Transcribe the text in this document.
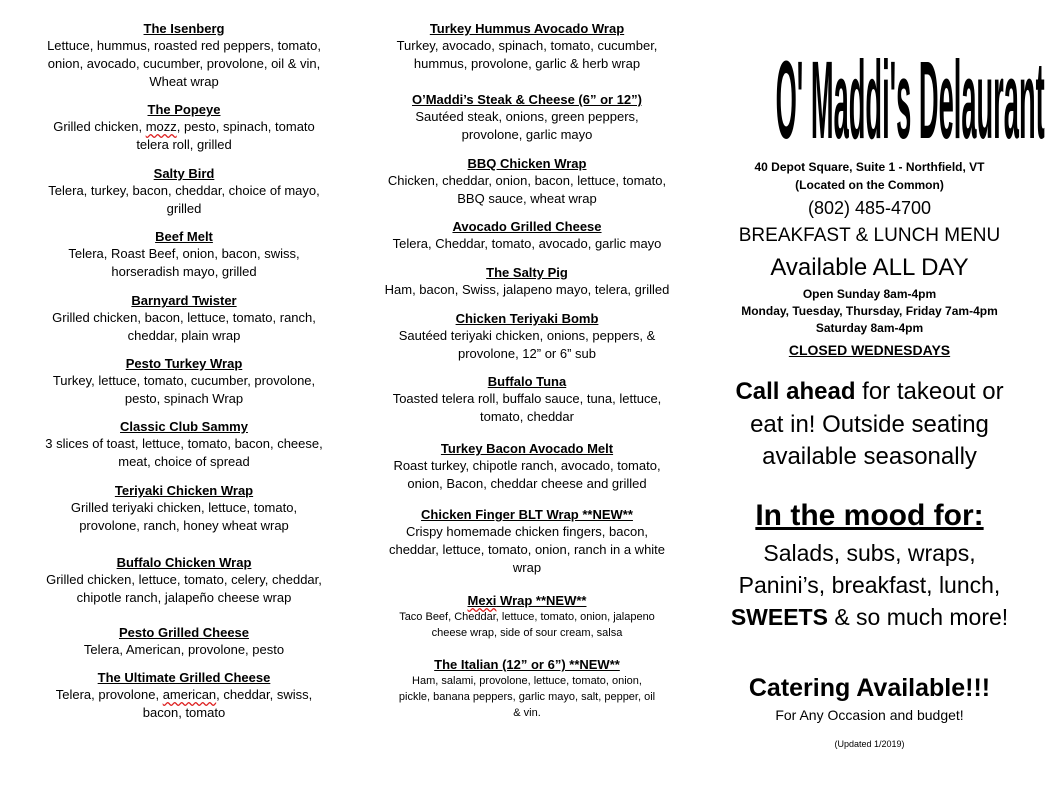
The Isenberg
Lettuce, hummus, roasted red peppers, tomato,
onion, avocado, cucumber, provolone, oil & vin,
Wheat wrap
The Popeye
Grilled chicken, mozz, pesto, spinach, tomato
telera roll, grilled
Salty Bird
Telera, turkey, bacon, cheddar, choice of mayo,
grilled
Beef Melt
Telera, Roast Beef, onion, bacon, swiss,
horseradish mayo, grilled
Barnyard Twister
Grilled chicken, bacon, lettuce, tomato, ranch,
cheddar, plain wrap
Pesto Turkey Wrap
Turkey, lettuce, tomato, cucumber, provolone,
pesto, spinach Wrap
Classic Club Sammy
3 slices of toast, lettuce, tomato, bacon, cheese,
meat, choice of spread
Teriyaki Chicken Wrap
Grilled teriyaki chicken, lettuce, tomato,
provolone, ranch, honey wheat wrap
Buffalo Chicken Wrap
Grilled chicken, lettuce, tomato, celery, cheddar,
chipotle ranch, jalapeño cheese wrap
Pesto Grilled Cheese
Telera, American, provolone, pesto
The Ultimate Grilled Cheese
Telera, provolone, american, cheddar, swiss,
bacon, tomato
Turkey Hummus Avocado Wrap
Turkey, avocado, spinach, tomato, cucumber,
hummus, provolone, garlic & herb wrap
O’Maddi’s Steak & Cheese (6” or 12”)
Sautéed steak, onions, green peppers,
provolone, garlic mayo
BBQ Chicken Wrap
Chicken, cheddar, onion, bacon, lettuce, tomato,
BBQ sauce, wheat wrap
Avocado Grilled Cheese
Telera, Cheddar, tomato, avocado, garlic mayo
The Salty Pig
Ham, bacon, Swiss, jalapeno mayo, telera, grilled
Chicken Teriyaki Bomb
Sautéed teriyaki chicken, onions, peppers, &
provolone, 12” or 6” sub
Buffalo Tuna
Toasted telera roll, buffalo sauce, tuna, lettuce,
tomato, cheddar
Turkey Bacon Avocado Melt
Roast turkey, chipotle ranch, avocado, tomato,
onion, Bacon, cheddar cheese and grilled
Chicken Finger BLT Wrap **NEW**
Crispy homemade chicken fingers, bacon,
cheddar, lettuce, tomato, onion, ranch in a white
wrap
Mexi Wrap **NEW**
Taco Beef, Cheddar, lettuce, tomato, onion, jalapeno
cheese wrap, side of sour cream, salsa
The Italian (12” or 6”) **NEW**
Ham, salami, provolone, lettuce, tomato, onion,
pickle, banana peppers, garlic mayo, salt, pepper, oil
& vin.
O' Maddi's Delaurant
40 Depot Square, Suite 1 - Northfield, VT
(Located on the Common)
(802) 485-4700
BREAKFAST & LUNCH MENU
Available ALL DAY
Open Sunday 8am-4pm
Monday, Tuesday, Thursday, Friday 7am-4pm
Saturday 8am-4pm
CLOSED WEDNESDAYS
Call ahead for takeout or
eat in! Outside seating
available seasonally
In the mood for:
Salads, subs, wraps,
Panini’s, breakfast, lunch,
SWEETS & so much more!
Catering Available!!!
For Any Occasion and budget!
(Updated 1/2019)
